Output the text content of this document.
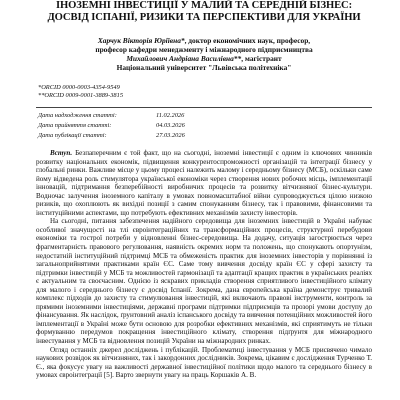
ІНОЗЕМНІ ІНВЕСТИЦІЇ У МАЛИЙ ТА СЕРЕДНІЙ БІЗНЕС:
ДОСВІД ІСПАНІЇ, РИЗИКИ ТА ПЕРСПЕКТИВИ ДЛЯ УКРАЇНИ
Харчук Вікторія Юріївна*, доктор економічних наук, професор,
професор кафедри менеджменту і міжнародного підприємництва
Михайлович Андріана Василівна**, магістрант
Національний університет "Львівська політехніка"
*ORCID 0000-0003-4354-9549
**ORCID 0009-0001-3889-3815
Дата надходження статті:	11.02.2026
Дата прийняття статті:	04.03.2026
Дата публікації статті:	27.03.2026

Вступ. Безпаперечним є той факт, що на сьогодні, іноземні інвестиції є одним із ключових чинників розвитку національних економік, підвищення конкурентоспроможності організацій та інтеграції бізнесу у глобальні ринки. Важливе місце у цьому процесі належить малому і середньому бізнесу (МСБ), оскільки саме йому відведена роль стимулятора української економіки через створення нових робочих місць, імплементації інновацій, підтримання безперебійності виробничих процесів та розвитку вітчизняної бізнес-культури. Водночас залучення іноземного капіталу в умовах повномасштабної війни супроводжується цілою низкою ризиків, що охоплюють як вихідні позиції з самим спонуканням бізнесу, так і правовими, фінансовими та інституційними аспектами, що потребують ефективних механізмів захисту інвесторів.

На сьогодні, питання забезпечення надійного середовища для іноземних інвестицій в Україні набуває особливої значущості на тлі євроінтеграційних та трансформаційних процесів, структурної перебудови економіки та гострої потреби у відновленні бізнес-середовища. На додачу, ситуація загострюється через фрагментарність правового регулювання, наявність окремих норм та положень, що спонукають опортунізм, недостатній інституційний підтримці МСБ та обмеженість практик для іноземних інвесторів у порівнянні із загальноприйнятими практиками країн ЄС. Саме тому вивчення досвіду країн ЄС у сфері захисту та підтримки інвестицій у МСБ та можливостей гармонізації та адаптації кращих практик в українських реаліях є актуальним та своєчасним. Однією із яскравих прикладів створення сприятливого інвестиційного клімату для малого і середнього бізнесу є досвід Іспанії. Зокрема, дана європейська країна демонструє тривалий комплекс підходів до захисту та стимулювання інвестицій, які включають правові інструменти, контроль за прямими іноземними інвестиціями, державні програми підтримки підприємців та прозорі умови доступу до фінансування. Як наслідок, ґрунтовний аналіз іспанського досвіду та вивчення потенційних можливостей його імплементації в Україні може бути основою для розробки ефективних механізмів, які сприятимуть не тільки формуванню передумов покращення інвестиційного клімату, створення підґрунтя для міжнародного інвестування у МСБ та відновлення позицій України на міжнародних ринках.

Огляд останніх джерел досліджень і публікацій. Проблематиці інвестування у МСБ присвячено чимало наукових розвідок як вітчизняних, так і закордонних дослідників. Зокрема, цікавим є дослідження Турченко Т. Є., яка фокусує увагу на важливості державної інвестиційної політики щодо малого та середнього бізнесу в умовах євроінтеграції [5]. Варто звернути увагу на праць Коршаків А. В.
